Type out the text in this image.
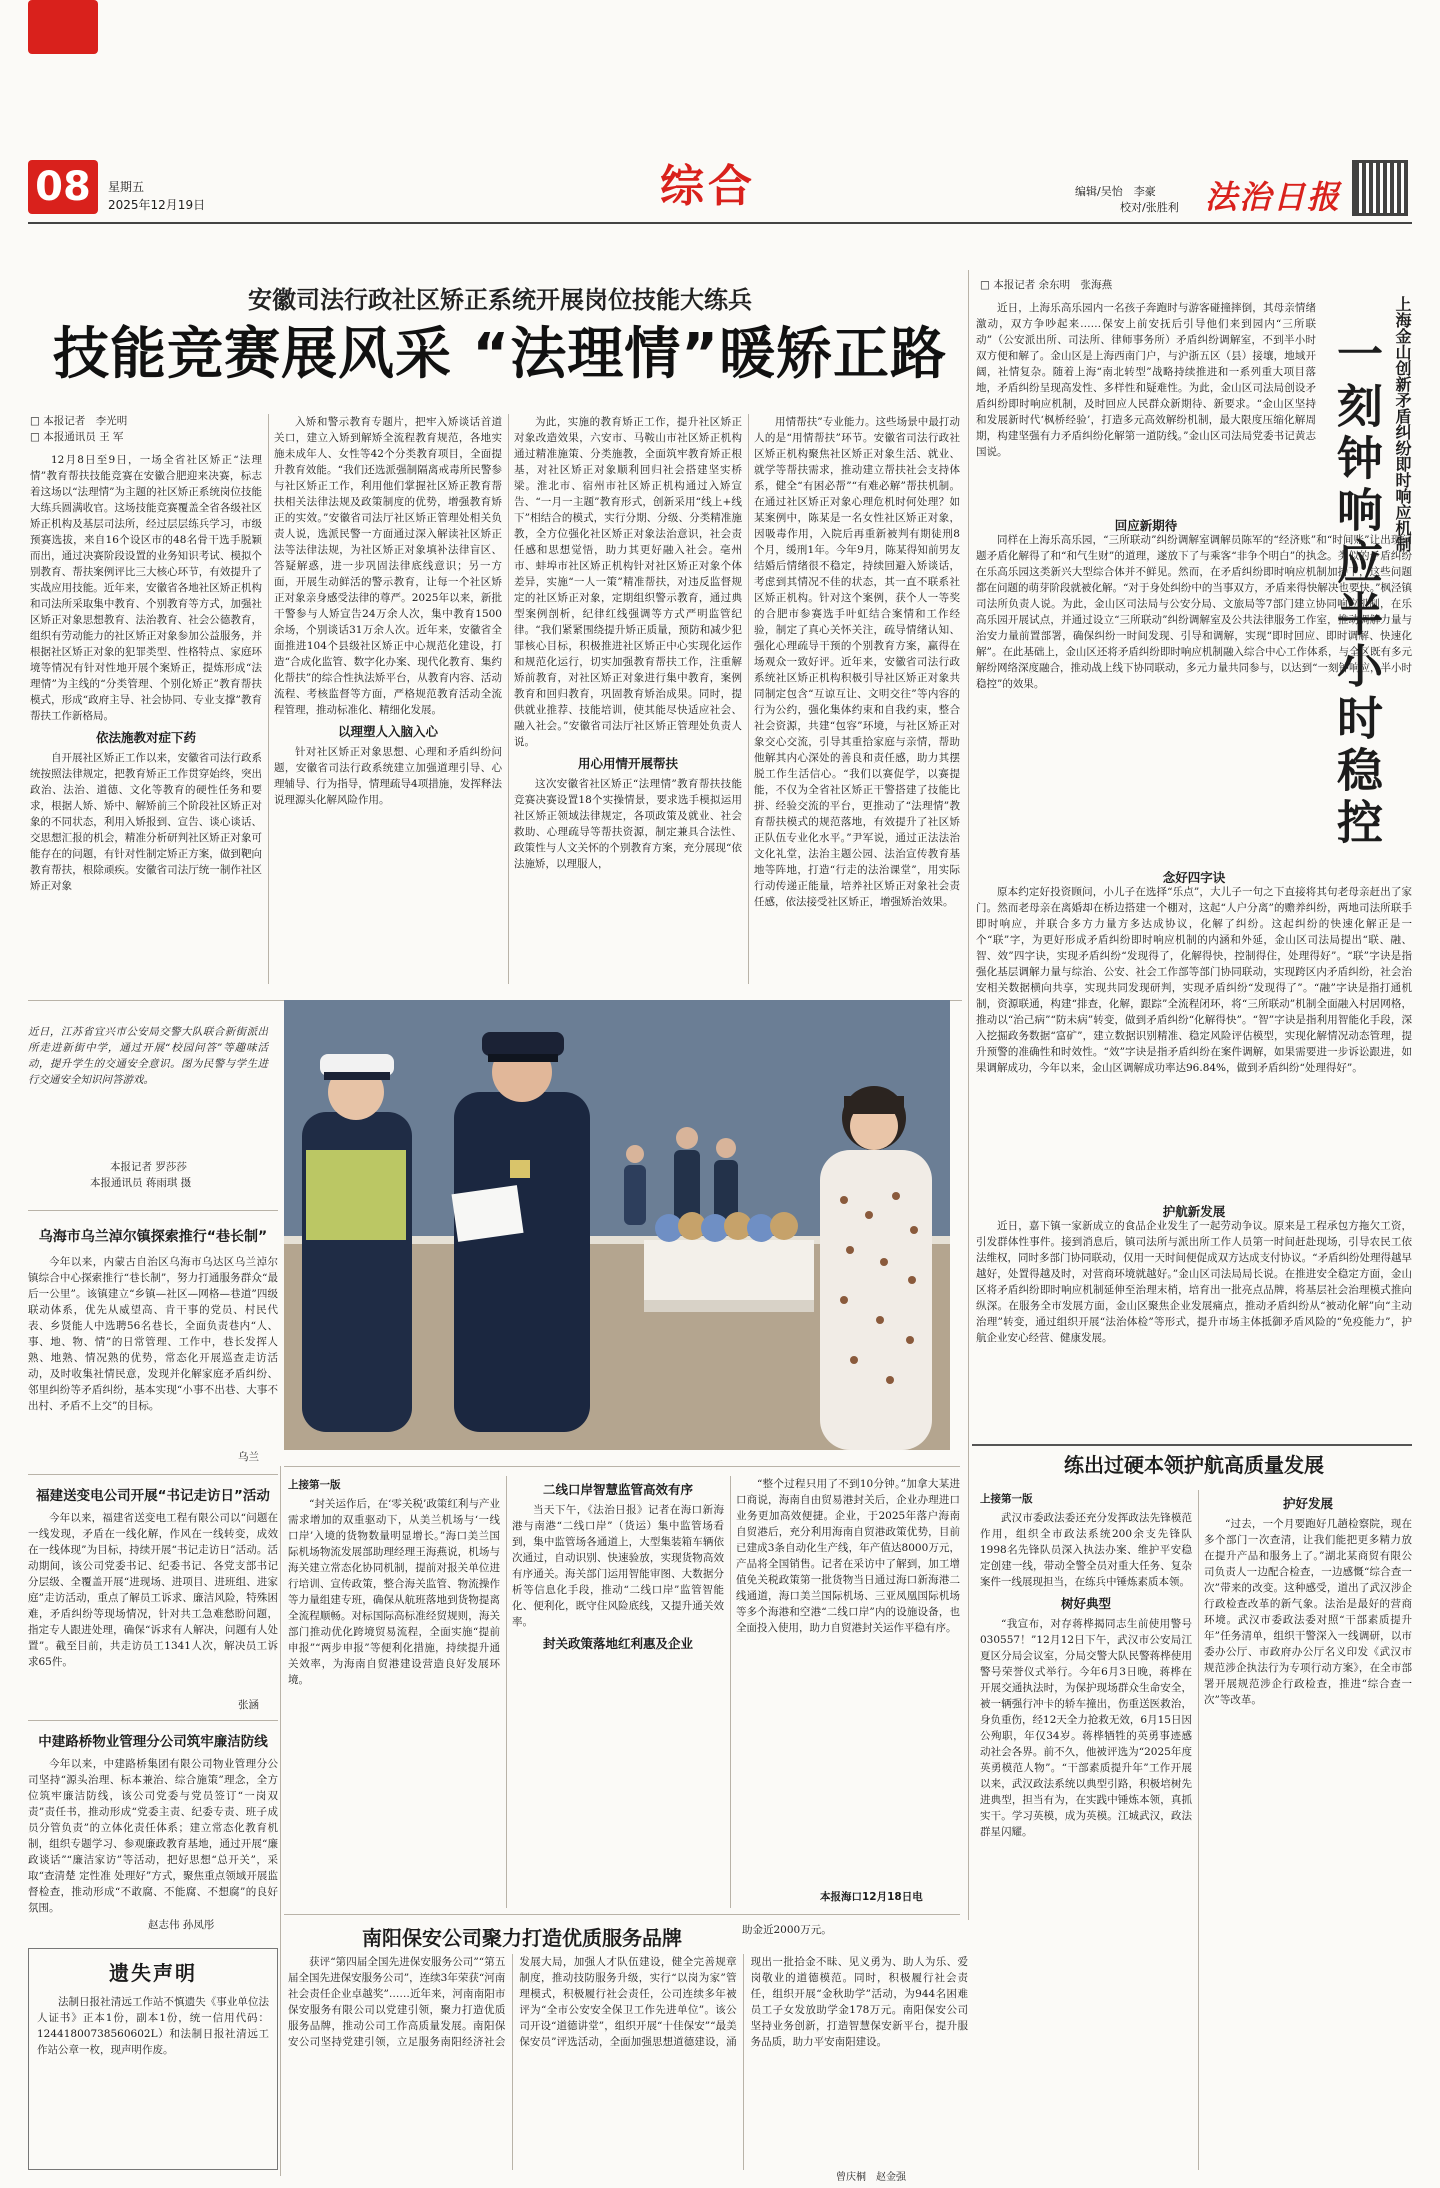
08	星期五
2025年12月19日	综合	编辑/吴怡　李豪
校对/张胜利 法治日报
安徽司法行政社区矫正系统开展岗位技能大练兵
技能竞赛展风采 “法理情”暖矫正路
□ 本报记者　李光明
□ 本报通讯员 王 军

12月8日至9日，一场全省社区矫正“法理情”教育帮扶技能竞赛在安徽合肥迎来决赛，标志着这场以“法理情”为主题的社区矫正系统岗位技能大练兵圆满收官。这场技能竞赛覆盖全省各级社区矫正机构及基层司法所，经过层层练兵学习，市级预赛选拔，来自16个设区市的48名骨干选手脱颖而出，通过决赛阶段设置的业务知识考试、模拟个别教育、帮扶案例评比三大核心环节，有效提升了实战应用技能。近年来，安徽省各地社区矫正机构和司法所采取集中教育、个别教育等方式，加强社区矫正对象思想教育、法治教育、社会公德教育，组织有劳动能力的社区矫正对象参加公益服务，并根据社区矫正对象的犯罪类型、性格特点、家庭环境等情况有针对性地开展个案矫正，提炼形成“法理情”为主线的“分类管理、个别化矫正”教育帮扶模式，形成“政府主导、社会协同、专业支撑”教育帮扶工作新格局。

依法施教对症下药

自开展社区矫正工作以来，安徽省司法行政系统按照法律规定，把教育矫正工作贯穿始终，突出政治、法治、道德、文化等教育的硬性任务和要求，根据人矫、矫中、解矫前三个阶段社区矫正对象的不同状态，利用入矫报到、宣告、谈心谈话、交思想汇报的机会，精准分析研判社区矫正对象可能存在的问题，有针对性制定矫正方案，做到靶向教育帮扶，根除顽疾。安徽省司法厅统一制作社区矫正对象

入矫和警示教育专题片，把牢入矫谈话首道关口，建立入矫到解矫全流程教育规范，各地实施未成年人、女性等42个分类教育项目，全面提升教育效能。“我们还选派强制隔离戒毒所民警参与社区矫正工作，利用他们掌握社区矫正教育帮扶相关法律法规及政策制度的优势，增强教育矫正的实效。”安徽省司法厅社区矫正管理处相关负责人说，选派民警一方面通过深入解读社区矫正法等法律法规，为社区矫正对象填补法律盲区、答疑解惑，进一步巩固法律底线意识；另一方面，开展生动鲜活的警示教育，让每一个社区矫正对象亲身感受法律的尊严。2025年以来，新批干警参与人矫宣告24万余人次，集中教育1500余场，个别谈话31万余人次。近年来，安徽省全面推进104个县级社区矫正中心规范化建设，打造“合成化监管、数字化办案、现代化教育、集约化帮扶”的综合性执法矫平台，从教育内容、活动流程、考核监督等方面，严格规范教育活动全流程管理，推动标准化、精细化发展。

以理塑人入脑入心

针对社区矫正对象思想、心理和矛盾纠纷问题，安徽省司法行政系统建立加强道理引导、心理辅导、行为指导，情理疏导4项措施，发挥释法说理源头化解风险作用。

为此，实施的教育矫正工作，提升社区矫正对象改造效果，六安市、马鞍山市社区矫正机构通过精准施策、分类施教，全面筑牢教育矫正根基，对社区矫正对象顺利回归社会搭建坚实桥梁。淮北市、宿州市社区矫正机构通过入矫宣告、“一月一主题”教育形式，创新采用“线上+线下”相结合的模式，实行分期、分级、分类精准施教，全方位强化社区矫正对象法治意识，社会责任感和思想觉悟，助力其更好融入社会。亳州市、蚌埠市社区矫正机构针对社区矫正对象个体差异，实施“一人一策”精准帮扶，对违反监督规定的社区矫正对象，定期组织警示教育，通过典型案例剖析，纪律红线强调等方式严明监管纪律。“我们紧紧围绕提升矫正质量，预防和减少犯罪核心目标，积极推进社区矫正中心实现化运作和规范化运行，切实加强教育帮扶工作，注重解矫前教育，对社区矫正对象进行集中教育，案例教育和回归教育，巩固教育矫治成果。同时，提供就业推荐、技能培训，使其能尽快适应社会、融入社会。”安徽省司法厅社区矫正管理处负责人说。

用心用情开展帮扶

这次安徽省社区矫正“法理情”教育帮扶技能竞赛决赛设置18个实操情景，要求选手模拟运用社区矫正领域法律规定，各项政策及就业、社会救助、心理疏导等帮扶资源，制定兼具合法性、政策性与人文关怀的个别教育方案，充分展现“依法施矫，以理服人，

用情帮扶”专业能力。这些场景中最打动人的是“用情帮扶”环节。安徽省司法行政社区矫正机构聚焦社区矫正对象生活、就业、就学等帮扶需求，推动建立帮扶社会支持体系，健全“有困必帮”“有难必解”帮扶机制。在通过社区矫正对象心理危机时何处理？如某案例中，陈某是一名女性社区矫正对象，因吸毒作用，入院后再重新被判有期徒刑8个月，缓刑1年。今年9月，陈某得知前男友结婚后情绪很不稳定，持续回避入矫谈话，考虑到其情况不佳的状态，其一直不联系社区矫正机构。针对这个案例，获个人一等奖的合肥市参赛选手叶虹结合案情和工作经验，制定了真心关怀关注，疏导情绪认知、强化心理疏导干预的个别教育方案，赢得在场观众一致好评。近年来，安徽省司法行政系统社区矫正机构积极引导社区矫正对象共同制定包含“互谅互让、文明交往”等内容的行为公约，强化集体约束和自我约束，整合社会资源，共建“包容”环境，与社区矫正对象交心交流，引导其重拾家庭与亲情，帮助他解其内心深处的善良和责任感，助力其摆脱工作生活信心。“我们以赛促学，以赛提能，不仅为全省社区矫正干警搭建了技能比拼、经验交流的平台，更推动了“法理情”教育帮扶模式的规范落地，有效提升了社区矫正队伍专业化水平。”尹军说，通过正法法治文化礼堂，法治主题公园、法治宣传教育基地等阵地，打造“行走的法治课堂”，用实际行动传递正能量，培养社区矫正对象社会责任感，依法接受社区矫正，增强矫治效果。

近日，江苏省宜兴市公安局交警大队联合新街派出所走进新街中学，通过开展“校园问答”等趣味活动，提升学生的交通安全意识。图为民警与学生进行交通安全知识问答游戏。
本报记者 罗莎莎
本报通讯员 蒋雨琪 摄
乌海市乌兰淖尔镇探索推行“巷长制”
今年以来，内蒙古自治区乌海市乌达区乌兰淖尔镇综合中心探索推行“巷长制”，努力打通服务群众“最后一公里”。该镇建立“乡镇—社区—网格—巷道”四级联动体系，优先从威望高、肯干事的党员、村民代表、乡贤能人中选聘56名巷长，全面负责巷内“人、事、地、物、情”的日常管理、工作中，巷长发挥人熟、地熟、情况熟的优势，常态化开展巡查走访活动，及时收集社情民意，发现并化解家庭矛盾纠纷、邻里纠纷等矛盾纠纷，基本实现“小事不出巷、大事不出村、矛盾不上交”的目标。
乌兰
福建送变电公司开展“书记走访日”活动
今年以来，福建省送变电工程有限公司以“问题在一线发现，矛盾在一线化解，作风在一线转变，成效在一线体现”为目标，持续开展“书记走访日”活动。活动期间，该公司党委书记、纪委书记、各党支部书记分层级、全覆盖开展“进现场、进项目、进班组、进家庭”走访活动，重点了解员工诉求、廉洁风险，特殊困难，矛盾纠纷等现场情况，针对共工急难愁盼问题，指定专人跟进处理，确保“诉求有人解决，问题有人处置”。截至目前，共走访员工1341人次，解决员工诉求65件。
张涵
中建路桥物业管理分公司筑牢廉洁防线
今年以来，中建路桥集团有限公司物业管理分公司坚持“源头治理、标本兼治、综合施策”理念，全方位筑牢廉洁防线，该公司党委与党员签订“一岗双责”责任书，推动形成“党委主责、纪委专责、班子成员分管负责”的立体化责任体系；建立常态化教育机制，组织专题学习、参观廉政教育基地，通过开展“廉政谈话”“廉洁家访”等活动，把好思想“总开关”，采取“查清楚 定性准 处理好”方式，聚焦重点领域开展监督检查，推动形成“不敢腐、不能腐、不想腐”的良好氛围。
赵志伟 孙凤彤
遗失声明
法制日报社清远工作站不慎遗失《事业单位法人证书》正本1份，副本1份，统一信用代码：12441800738560602L）和法制日报社清远工作站公章一枚，现声明作废。
上接第一版

“封关运作后，在‘零关税’政策红利与产业需求增加的双重驱动下，从美兰机场与‘一线口岸’入境的货物数量明显增长。”海口美兰国际机场物流发展部助理经理王海燕说，机场与海关建立常态化协同机制，提前对报关单位进行培训、宣传政策，整合海关监管、物流操作等力量组建专班，确保从航班落地到货物提离全流程顺畅。对标国际高标准经贸规则，海关部门推动优化跨境贸易流程，全面实施“提前申报”“两步申报”等便利化措施，持续提升通关效率，为海南自贸港建设营造良好发展环境。

二线口岸智慧监管高效有序

当天下午，《法治日报》记者在海口新海港与南港“二线口岸”（货运）集中监管场看到，集中监管场各通道上，大型集装箱车辆依次通过，自动识别、快速验放，实现货物高效有序通关。海关部门运用智能审图、大数据分析等信息化手段，推动“二线口岸”监管智能化、便利化，既守住风险底线，又提升通关效率。

封关政策落地红利惠及企业

“整个过程只用了不到10分钟。”加拿大某进口商说，海南自由贸易港封关后，企业办理进口业务更加高效便捷。企业，于2025年落户海南自贸港后，充分利用海南自贸港政策优势，目前已建成3条自动化生产线，年产值达8000万元，产品将全国销售。记者在采访中了解到，加工增值免关税政策第一批货物当日通过海口新海港二线通道，海口美兰国际机场、三亚凤凰国际机场等多个海港和空港“二线口岸”内的设施设备，也全面投入使用，助力自贸港封关运作平稳有序。

本报海口12月18日电
南阳保安公司聚力打造优质服务品牌

获评“第四届全国先进保安服务公司”“第五届全国先进保安服务公司”，连续3年荣获“河南社会责任企业卓越奖”……近年来，河南南阳市保安服务有限公司以党建引领，聚力打造优质服务品牌，推动公司工作高质量发展。南阳保安公司坚持党建引领，立足服务南阳经济社会发展大局，加强人才队伍建设，健全完善规章制度，推动技防服务升级，实行“以岗为家”管理模式，积极履行社会责任，公司连续多年被评为“全市公安安全保卫工作先进单位”。该公司开设“道德讲堂”，组织开展“十佳保安”“最美保安员”评选活动，全面加强思想道德建设，涌现出一批拾金不昧、见义勇为、助人为乐、爱岗敬业的道德模范。同时，积极履行社会责任，组织开展“金秋助学”活动，为944名困难员工子女发放助学金178万元。南阳保安公司坚持业务创新，打造智慧保安新平台，提升服务品质，助力平安南阳建设。

助金近2000万元。
曾庆桐　赵金强
□ 本报记者 余东明　张海燕
上海金山创新矛盾纠纷即时响应机制
一刻钟响应半小时稳控
近日，上海乐高乐园内一名孩子奔跑时与游客碰撞摔倒，其母亲情绪激动，双方争吵起来……保安上前安抚后引导他们来到园内“三所联动”（公安派出所、司法所、律师事务所）矛盾纠纷调解室，不到半小时双方便和解了。金山区是上海西南门户，与沪浙五区（县）接壤，地域开阔，社情复杂。随着上海“南北转型”战略持续推进和一系列重大项目落地，矛盾纠纷呈现高发性、多样性和疑难性。为此，金山区司法局创设矛盾纠纷即时响应机制，及时回应人民群众新期待、新要求。“金山区坚持和发展新时代‘枫桥经验’，打造多元高效解纷机制，最大限度压缩化解周期，构建坚强有力矛盾纠纷化解第一道防线。”金山区司法局党委书记黄志国说。
回应新期待
同样在上海乐高乐园，“三所联动”纠纷调解室调解员陈军的“经济账”和“时间账”让出现问题矛盾化解得了和“和气生财”的道理，遂放下了与乘客“非争个明白”的执念。类似的矛盾纠纷在乐高乐园这类新兴大型综合体并不鲜见。然而，在矛盾纠纷即时响应机制加持下，这些问题都在问题的萌芽阶段就被化解。“对于身处纠纷中的当事双方，矛盾来得快解决也要快。”枫泾镇司法所负责人说。为此，金山区司法局与公安分局、文旅局等7部门建立协同响应机制，在乐高乐园开展试点，并通过设立“三所联动”纠纷调解室及公共法律服务工作室，推动调解力量与治安力量前置部署，确保纠纷一时间发现、引导和调解，实现“即时回应、即时调解、快速化解”。在此基础上，金山区还将矛盾纠纷即时响应机制融入综合中心工作体系，与全区既有多元解纷网络深度融合，推动战上线下协同联动，多元力量共同参与，以达到“一刻钟响应，半小时稳控”的效果。
念好四字诀
原本约定好投资顾问，小儿子在选择“乐点”，大儿子一句之下直接将其句老母亲赶出了家门。然而老母亲在离婚却在桥边搭建一个棚对，这起“人户分离”的赡养纠纷，两地司法所联手即时响应，并联合多方力量方多达成协议，化解了纠纷。这起纠纷的快速化解正是一个“联”字，为更好形成矛盾纠纷即时响应机制的内涵和外延，金山区司法局提出“联、融、智、效”四字诀，实现矛盾纠纷“发现得了，化解得快，控制得住，处理得好”。“联”字诀是指强化基层调解力量与综治、公安、社会工作部等部门协同联动，实现跨区内矛盾纠纷，社会治安相关数据横向共享，实现共同发现研判，实现矛盾纠纷“发现得了”。“融”字诀是指打通机制，资源联通，构建“排查，化解，跟踪”全流程闭环，将“三所联动”机制全面融入村居网格，推动以“治己病”“防未病”转变，做到矛盾纠纷“化解得快”。“智”字诀是指利用智能化手段，深入挖掘政务数据“富矿”，建立数据识别精准、稳定风险评估模型，实现化解情况动态管理，提升预警的准确性和时效性。“效”字诀是指矛盾纠纷在案件调解，如果需要进一步诉讼跟进，如果调解成功，今年以来，金山区调解成功率达96.84%，做到矛盾纠纷“处理得好”。
护航新发展
近日，嘉下镇一家新成立的食品企业发生了一起劳动争议。原来是工程承包方拖欠工资，引发群体性事件。接到消息后，镇司法所与派出所工作人员第一时间赶赴现场，引导农民工依法维权，同时多部门协同联动，仅用一天时间便促成双方达成支付协议。“矛盾纠纷处理得越早越好，处置得越及时，对营商环境就越好。”金山区司法局局长说。在推进安全稳定方面，金山区将矛盾纠纷即时响应机制延伸至治理末梢，培育出一批亮点品牌，将基层社会治理模式推向纵深。在服务全市发展方面，金山区聚焦企业发展痛点，推动矛盾纠纷从“被动化解”向“主动治理”转变，通过组织开展“法治体检”等形式，提升市场主体抵御矛盾风险的“免疫能力”，护航企业安心经营、健康发展。
练出过硬本领护航高质量发展
上接第一版

武汉市委政法委还充分发挥政法先锋模范作用，组织全市政法系统200余支先锋队1998名先锋队员深入执法办案、维护平安稳定创建一线，带动全警全员对重大任务、复杂案件一线展现担当，在练兵中锤炼素质本领。

树好典型

“我宣布，对存蒋桦揭同志生前使用警号030557！”12月12日下午，武汉市公安局江夏区分局会议室，分局交警大队民警蒋桦使用警号荣誉仪式举行。今年6月3日晚，蒋桦在开展交通执法时，为保护现场群众生命安全，被一辆强行冲卡的轿车撞出，伤重送医救治，身负重伤，经12天全力抢救无效，6月15日因公殉职，年仅34岁。蒋桦牺牲的英勇事迹感动社会各界。前不久，他被评选为“2025年度英勇模范人物”。“干部素质提升年”工作开展以来，武汉政法系统以典型引路，积极培树先进典型，担当有为，在实践中锤炼本领，真抓实干。学习英模，成为英模。江城武汉，政法群星闪耀。

护好发展

“过去，一个月要跑好几趟检察院，现在多个部门一次查清，让我们能把更多精力放在提升产品和服务上了。”湖北某商贸有限公司负责人一边配合检查，一边感慨“综合查一次”带来的改变。这种感受，道出了武汉涉企行政检查改革的新气象。法治是最好的营商环境。武汉市委政法委对照“干部素质提升年”任务清单，组织干警深入一线调研，以市委办公厅、市政府办公厅名义印发《武汉市规范涉企执法行为专项行动方案》，在全市部署开展规范涉企行政检查，推进“综合查一次”等改革。
